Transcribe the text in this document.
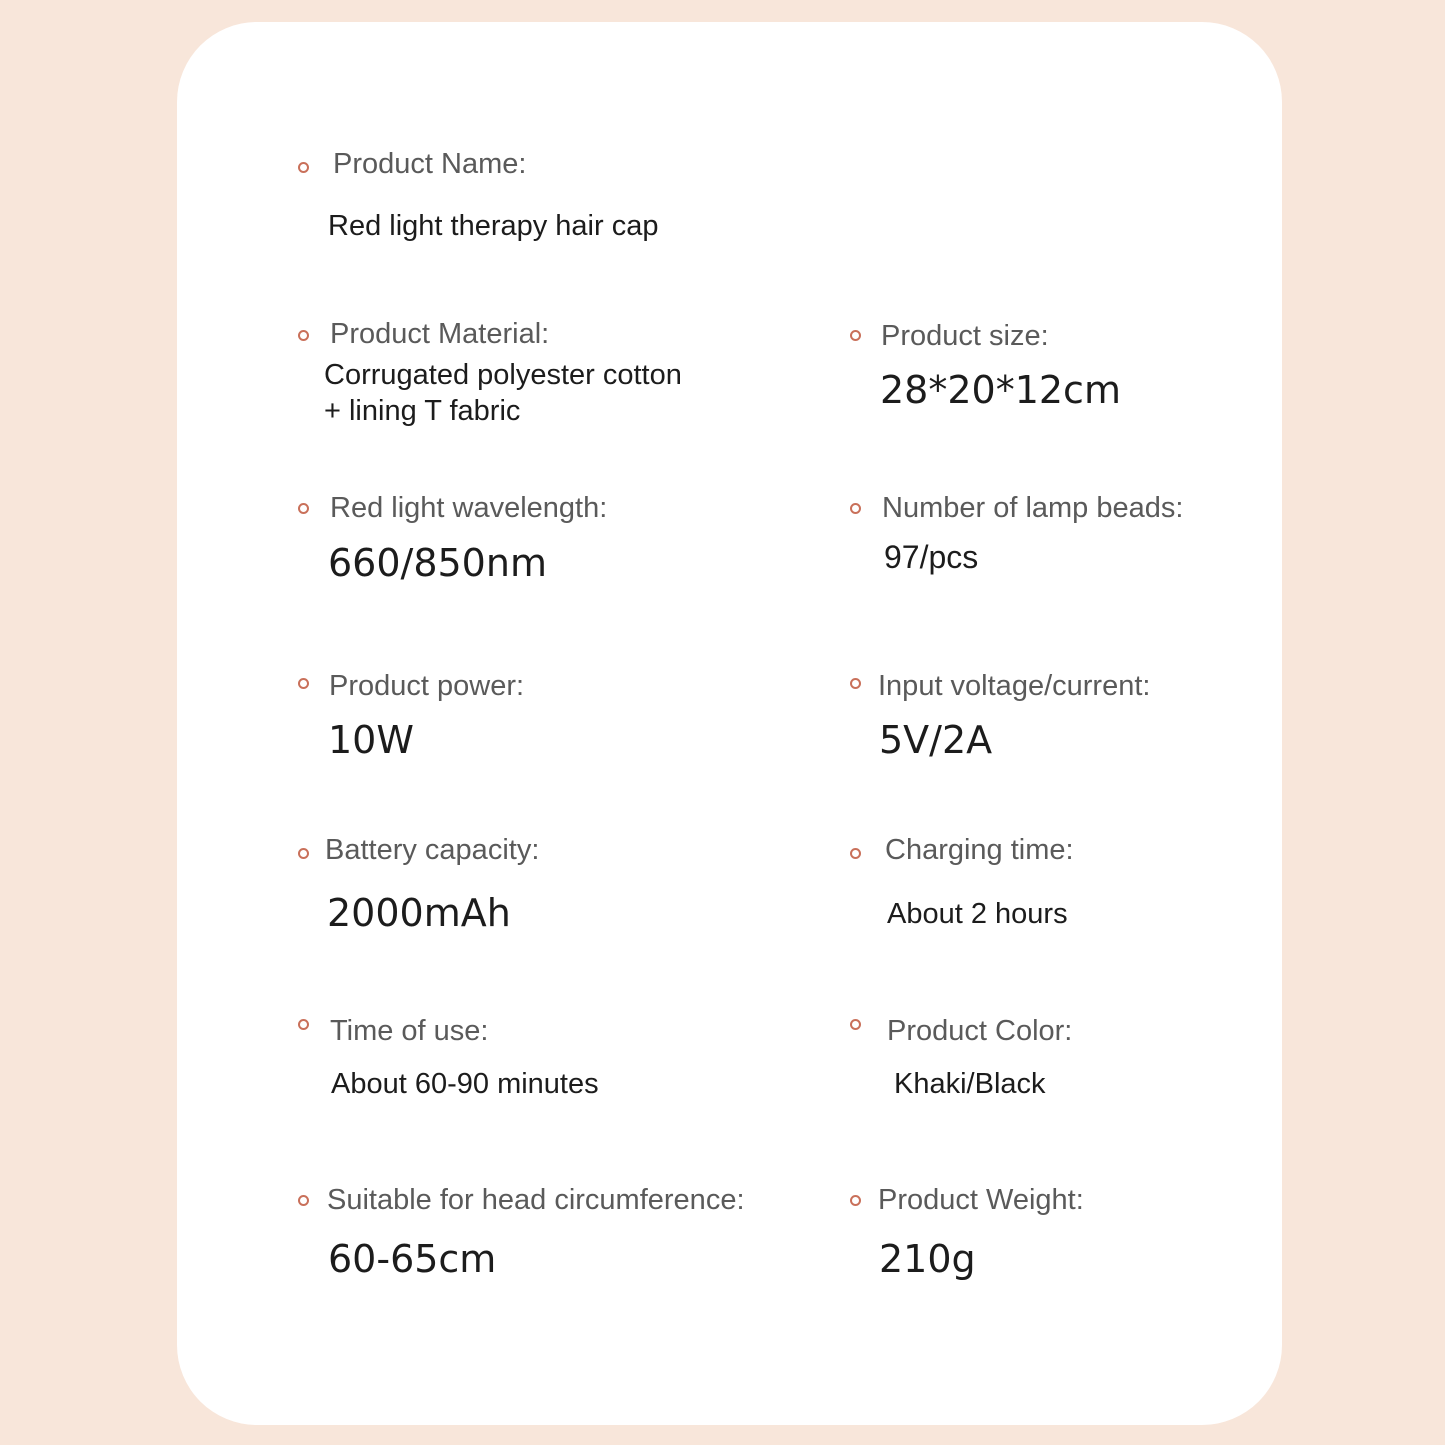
Product Name:
Red light therapy hair cap
Product Material:
Corrugated polyester cotton
+ lining T fabric
Product size:
28*20*12cm
Red light wavelength:
660/850nm
Number of lamp beads:
97/pcs
Product power:
10W
Input voltage/current:
5V/2A
Battery capacity:
2000mAh
Charging time:
About 2 hours
Time of use:
About 60-90 minutes
Product Color:
Khaki/Black
Suitable for head circumference:
60-65cm
Product Weight:
210g
